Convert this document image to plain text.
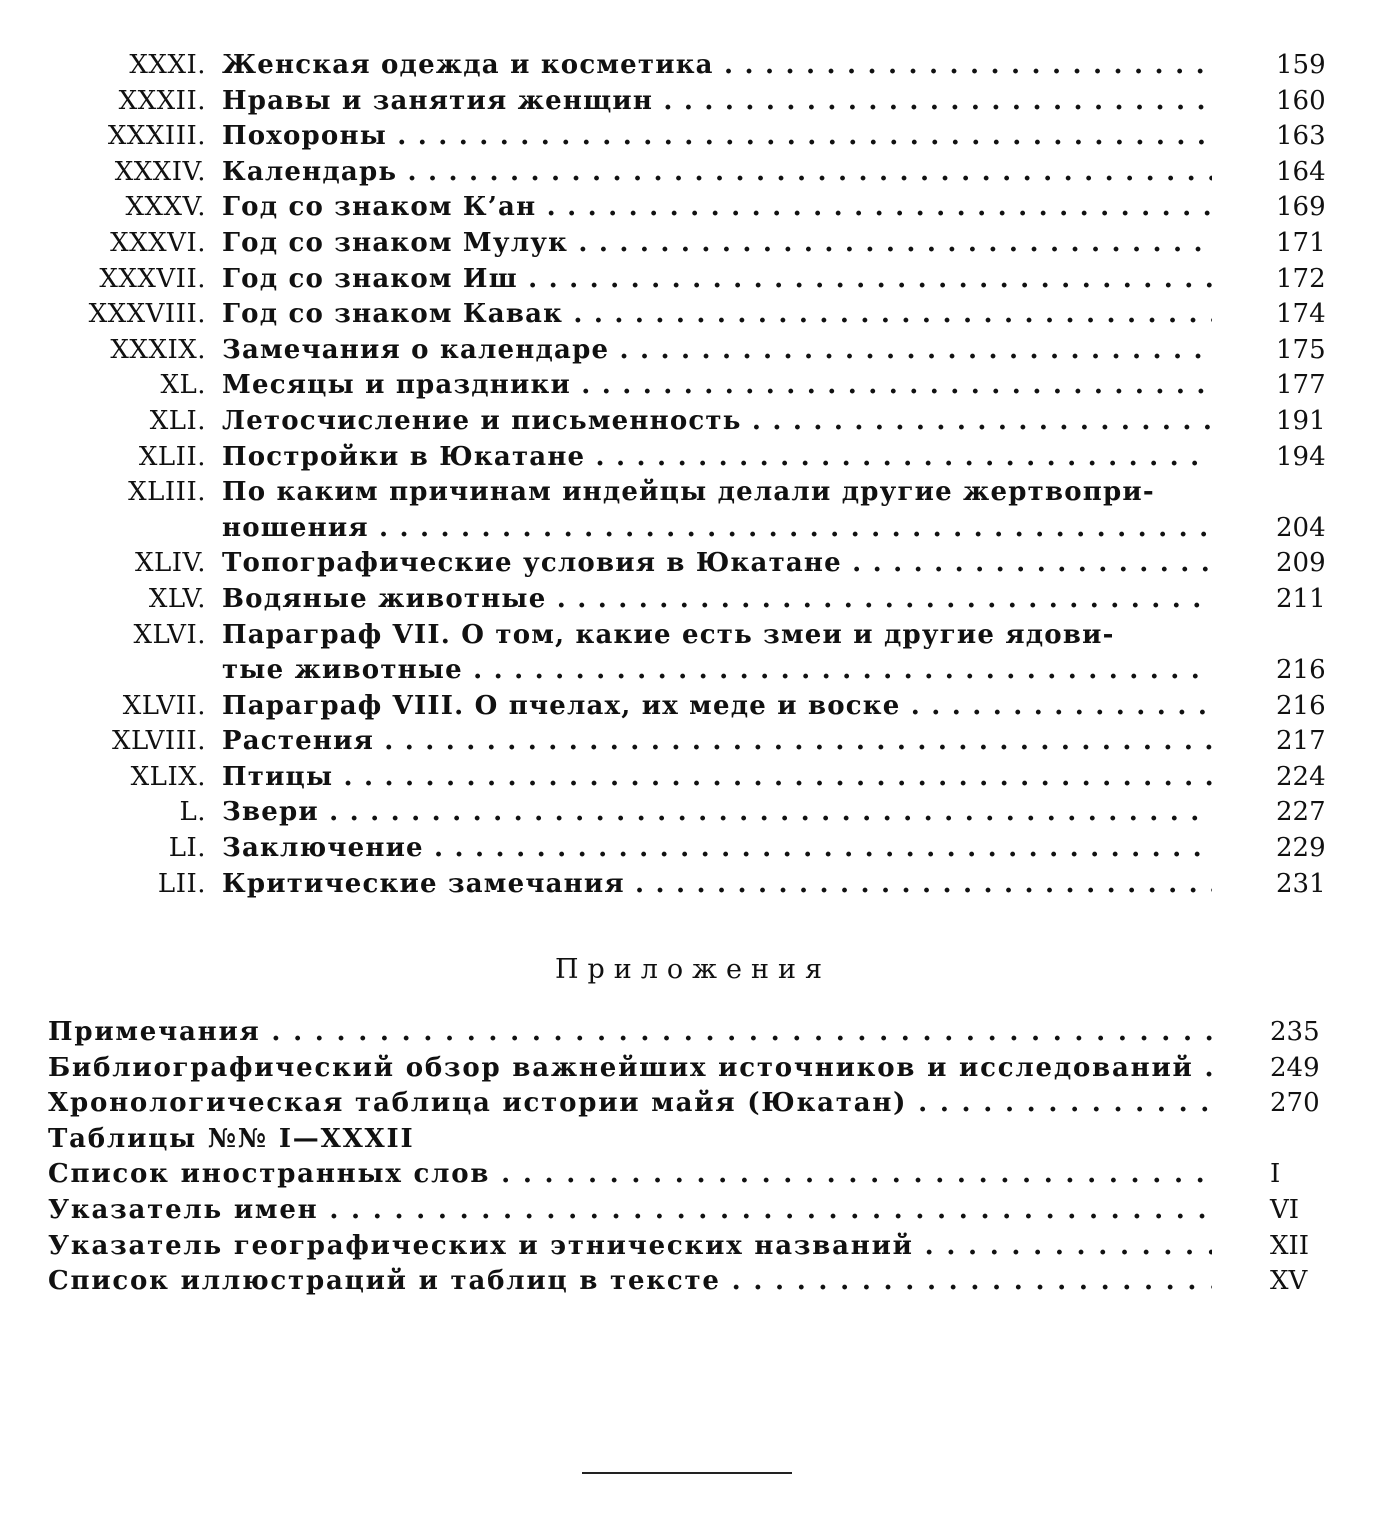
XXXI. Женская одежда и косметика . . .	159
XXXII. Нравы и занятия женщин . . .	160
XXXIII. Похороны . . .	163
XXXIV. Календарь . . .	164
XXXV. Год со знаком К’ан . . .	169
XXXVI. Год со знаком Мулук . . .	171
XXXVII. Год со знаком Иш . . .	172
XXXVIII. Год со знаком Кавак . . .	174
XXXIX. Замечания о календаре . . .	175
XL. Месяцы и праздники . . .	177
XLI. Летосчисление и письменность . . .	191
XLII. Постройки в Юкатане . . .	194
XLIII. По каким причинам индейцы делали другие жертвопри-
ношения . . .	204
XLIV. Топографические условия в Юкатане . . .	209
XLV. Водяные животные . . .	211
XLVI. Параграф VII. О том, какие есть змеи и другие ядови-
тые животные . . .	216
XLVII. Параграф VIII. О пчелах, их меде и воске . . .	216
XLVIII. Растения . . .	217
XLIX. Птицы . . .	224
L. Звери . . .	227
LI. Заключение . . .	229
LII. Критические замечания . . .	231
Приложения
Примечания . . .	235
Библиографический обзор важнейших источников и исследований . . .	249
Хронологическая таблица истории майя (Юкатан) . . .	270
Таблицы №№ I—XXXII
Список иностранных слов . . .	I
Указатель имен . . .	VI
Указатель географических и этнических названий . . .	XII
Список иллюстраций и таблиц в тексте . . .	XV
